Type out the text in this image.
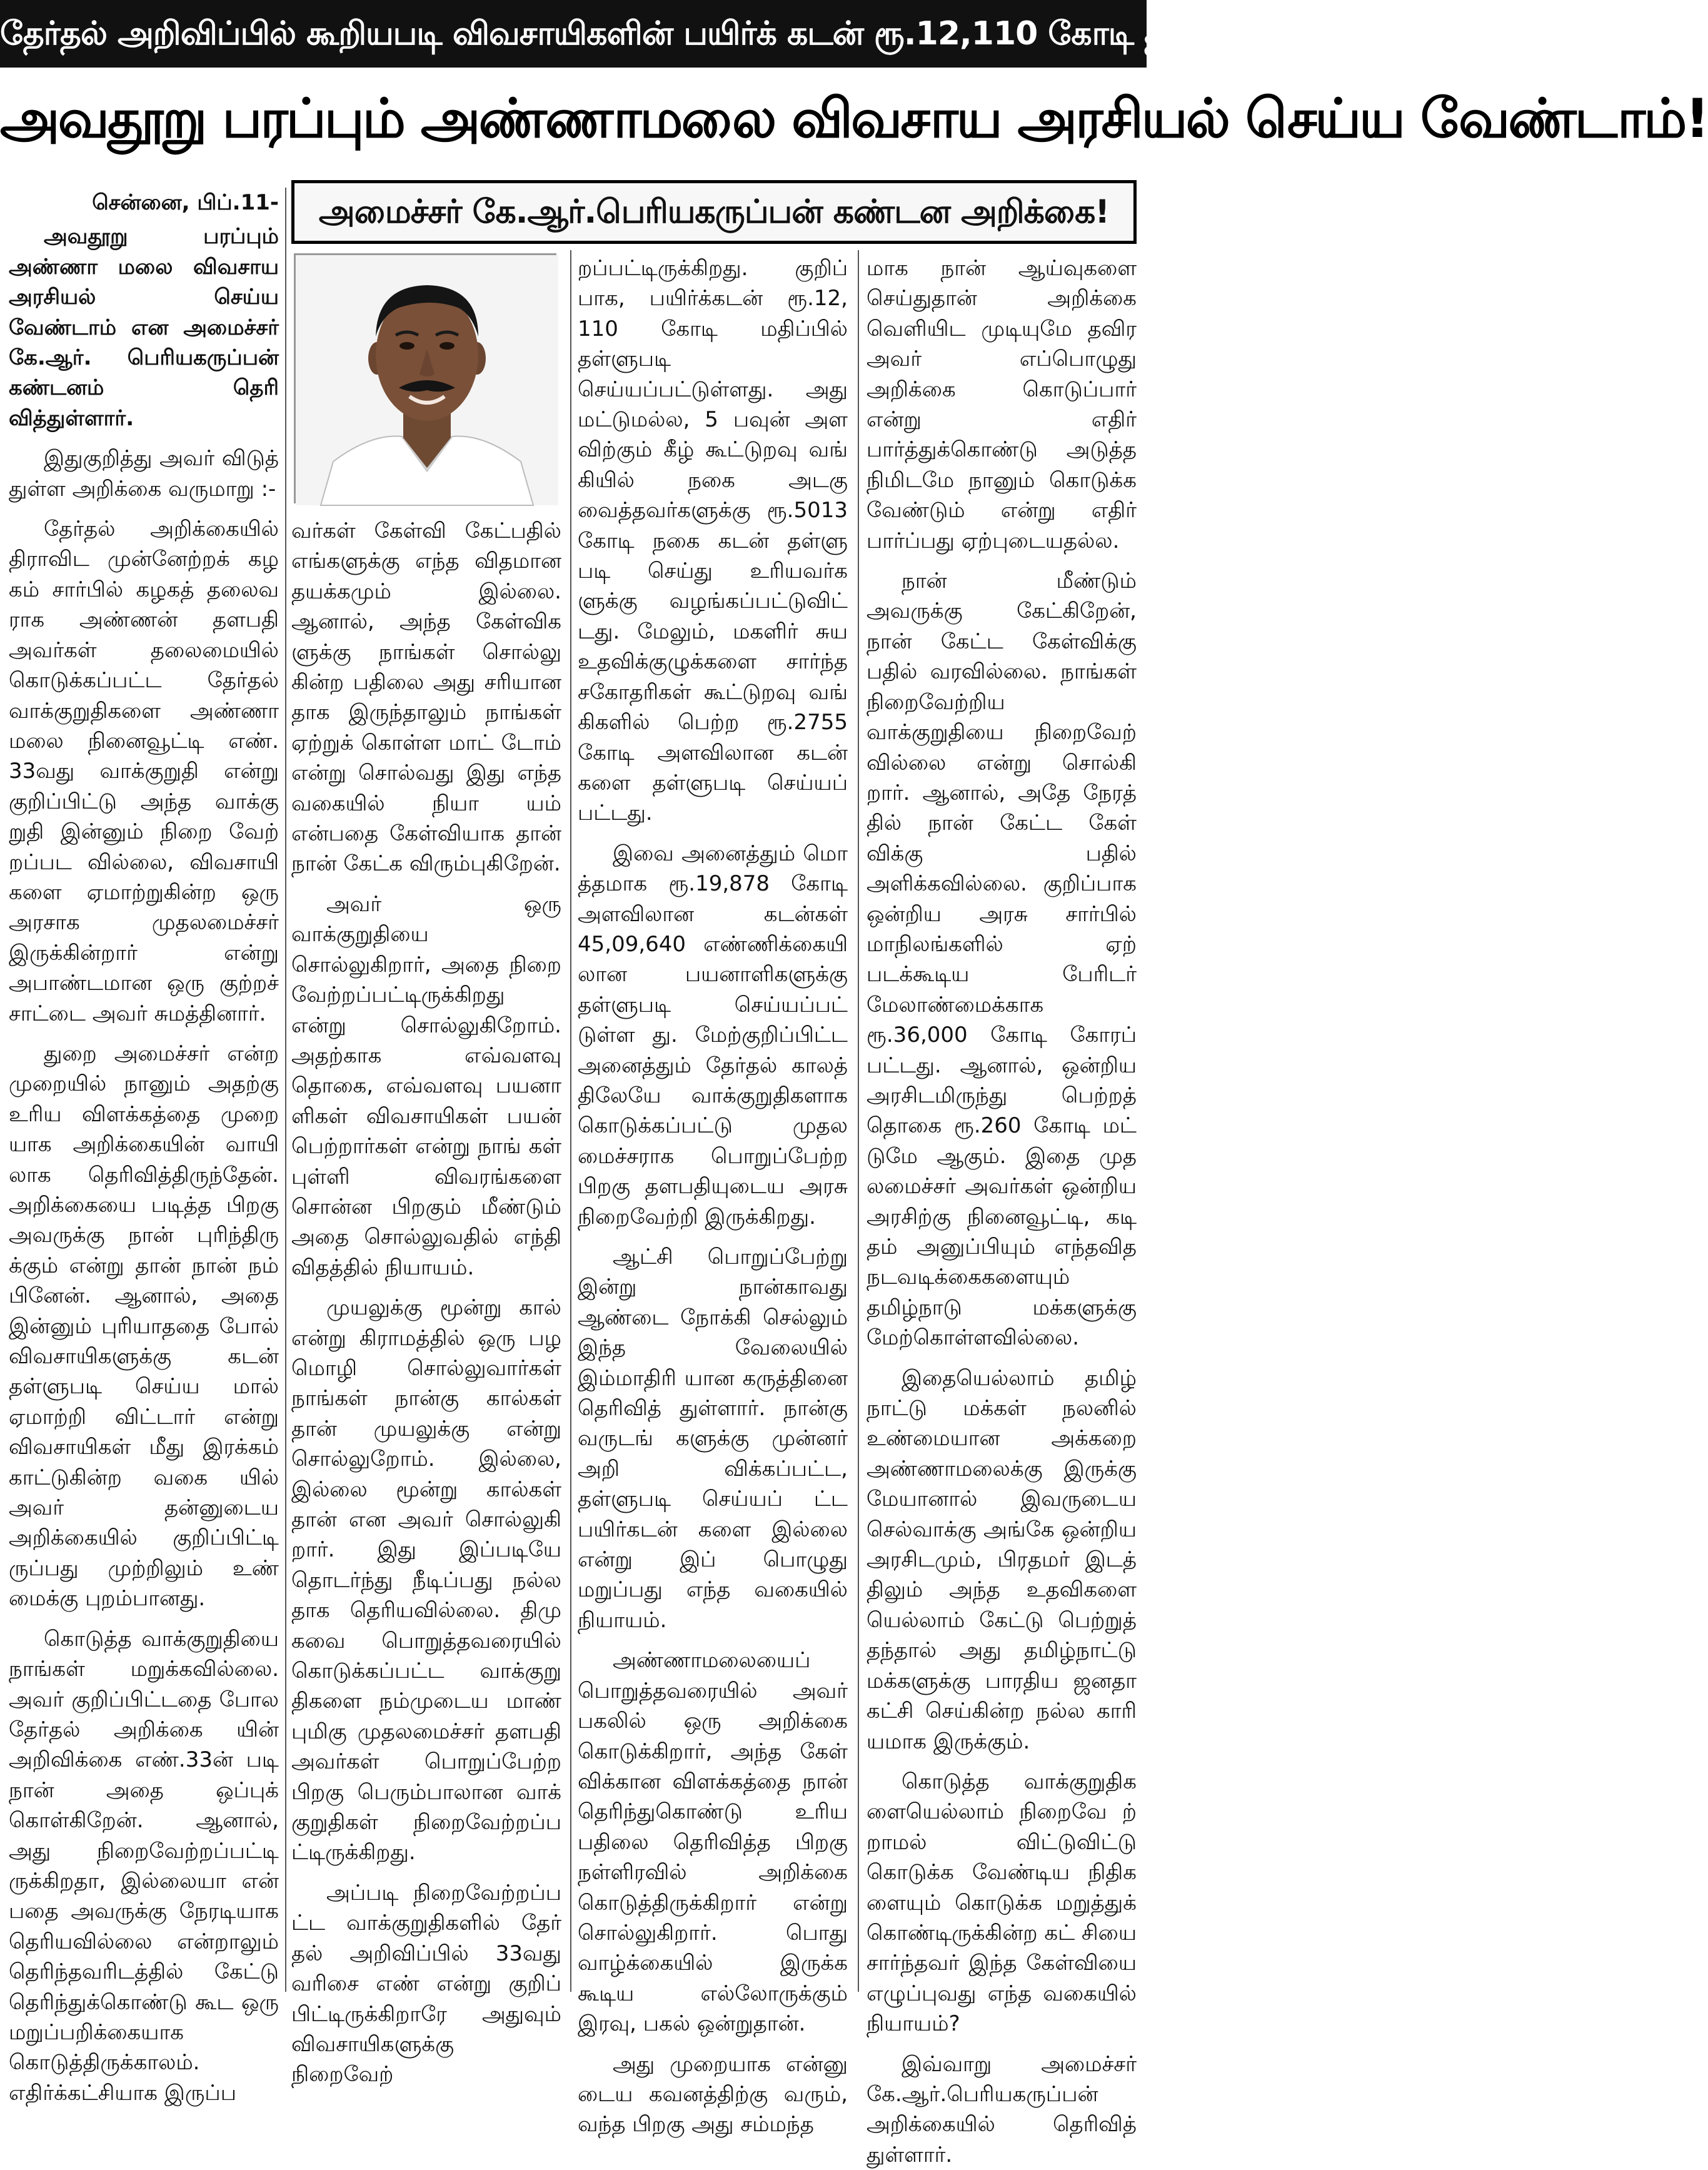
தேர்தல் அறிவிப்பில் கூறியபடி விவசாயிகளின் பயிர்க் கடன் ரூ.12,110 கோடி தள்ளுபடி செய்யப்பட்டுள்ளது!
அவதூறு பரப்பும் அண்ணாமலை விவசாய அரசியல் செய்ய வேண்டாம்!
அமைச்சர் கே.ஆர்.பெரியகருப்பன் கண்டன அறிக்கை!

சென்னை, பிப்.11-

அவதூறு பரப்பும் அண்ணா மலை விவசாய அரசியல் செய்ய வேண்டாம் என அமைச்சர் கே.ஆர். பெரியகருப்பன் கண்டனம் தெரி வித்துள்ளார்.

இதுகுறித்து அவர் விடுத் துள்ள அறிக்கை வருமாறு :-

தேர்தல் அறிக்கையில் திராவிட முன்னேற்றக் கழ கம் சார்பில் கழகத் தலைவ ராக அண்ணன் தளபதி அவர்கள் தலைமையில் கொடுக்கப்பட்ட தேர்தல் வாக்குறுதிகளை அண்ணா மலை நினைவூட்டி எண். 33வது வாக்குறுதி என்று குறிப்பிட்டு அந்த வாக்கு றுதி இன்னும் நிறை வேற் றப்பட வில்லை, விவசாயி களை ஏமாற்றுகின்ற ஒரு அரசாக முதலமைச்சர் இருக்கின்றார் என்று அபாண்டமான ஒரு குற்றச் சாட்டை அவர் சுமத்தினார்.

துறை அமைச்சர் என்ற முறையில் நானும் அதற்கு உரிய விளக்கத்தை முறை யாக அறிக்கையின் வாயி லாக தெரிவித்திருந்தேன். அறிக்கையை படித்த பிறகு அவருக்கு நான் புரிந்திரு க்கும் என்று தான் நான் நம் பினேன். ஆனால், அதை இன்னும் புரியாததை போல் விவசாயிகளுக்கு கடன் தள்ளுபடி செய்ய மால் ஏமாற்றி விட்டார் என்று விவசாயிகள் மீது இரக்கம் காட்டுகின்ற வகை யில் அவர் தன்னுடைய அறிக்கையில் குறிப்பிட்டி ருப்பது முற்றிலும் உண் மைக்கு புறம்பானது.

கொடுத்த வாக்குறுதியை நாங்கள் மறுக்கவில்லை. அவர் குறிப்பிட்டதை போல தேர்தல் அறிக்கை யின் அறிவிக்கை எண்.33ன் படி நான் அதை ஒப்புக் கொள்கிறேன். ஆனால், அது நிறைவேற்றப்பட்டி ருக்கிறதா, இல்லையா என் பதை அவருக்கு நேரடியாக தெரியவில்லை என்றாலும் தெரிந்தவரிடத்தில் கேட்டு தெரிந்துக்கொண்டு கூட ஒரு மறுப்பறிக்கையாக கொடுத்திருக்காலம். எதிர்க்கட்சியாக இருப்ப

வர்கள் கேள்வி கேட்பதில் எங்களுக்கு எந்த விதமான தயக்கமும் இல்லை. ஆனால், அந்த கேள்விக ளுக்கு நாங்கள் சொல்லு கின்ற பதிலை அது சரியான தாக இருந்தாலும் நாங்கள் ஏற்றுக் கொள்ள மாட் டோம் என்று சொல்வது இது எந்த வகையில் நியா யம் என்பதை கேள்வியாக தான் நான் கேட்க விரும்புகிறேன்.

அவர் ஒரு வாக்குறுதியை சொல்லுகிறார், அதை நிறை வேற்றப்பட்டிருக்கிறது என்று சொல்லுகிறோம். அதற்காக எவ்வளவு தொகை, எவ்வளவு பயனா ளிகள் விவசாயிகள் பயன் பெற்றார்கள் என்று நாங் கள் புள்ளி விவரங்களை சொன்ன பிறகும் மீண்டும் அதை சொல்லுவதில் எந்தி விதத்தில் நியாயம்.

முயலுக்கு மூன்று கால் என்று கிராமத்தில் ஒரு பழ மொழி சொல்லுவார்கள் நாங்கள் நான்கு கால்கள் தான் முயலுக்கு என்று சொல்லுறோம். இல்லை, இல்லை மூன்று கால்கள் தான் என அவர் சொல்லுகி றார். இது இப்படியே தொடர்ந்து நீடிப்பது நல்ல தாக தெரியவில்லை. திமு கவை பொறுத்தவரையில் கொடுக்கப்பட்ட வாக்குறு திகளை நம்முடைய மாண் புமிகு முதலமைச்சர் தளபதி அவர்கள் பொறுப்பேற்ற பிறகு பெரும்பாலான வாக் குறுதிகள் நிறைவேற்றப்ப ட்டிருக்கிறது.

அப்படி நிறைவேற்றப்ப ட்ட வாக்குறுதிகளில் தேர் தல் அறிவிப்பில் 33வது வரிசை எண் என்று குறிப் பிட்டிருக்கிறாரே அதுவும் விவசாயிகளுக்கு நிறைவேற்

றப்பட்டிருக்கிறது. குறிப் பாக, பயிர்க்கடன் ரூ.12, 110 கோடி மதிப்பில் தள்ளுபடி செய்யப்பட்டுள்ளது. அது மட்டுமல்ல, 5 பவுன் அள விற்கும் கீழ் கூட்டுறவு வங் கியில் நகை அடகு வைத்தவர்களுக்கு ரூ.5013 கோடி நகை கடன் தள்ளு படி செய்து உரியவர்க ளுக்கு வழங்கப்பட்டுவிட் டது. மேலும், மகளிர் சுய உதவிக்குழுக்களை சார்ந்த சகோதரிகள் கூட்டுறவு வங் கிகளில் பெற்ற ரூ.2755 கோடி அளவிலான கடன் களை தள்ளுபடி செய்யப் பட்டது.

இவை அனைத்தும் மொ த்தமாக ரூ.19,878 கோடி அளவிலான கடன்கள் 45,09,640 எண்ணிக்கையி லான பயனாளிகளுக்கு தள்ளுபடி செய்யப்பட் டுள்ள து. மேற்குறிப்பிட்ட அனைத்தும் தேர்தல் காலத் திலேயே வாக்குறுதிகளாக கொடுக்கப்பட்டு முதல மைச்சராக பொறுப்பேற்ற பிறகு தளபதியுடைய அரசு நிறைவேற்றி இருக்கிறது.

ஆட்சி பொறுப்பேற்று இன்று நான்காவது ஆண்டை நோக்கி செல்லும் இந்த வேலையில் இம்மாதிரி யான கருத்தினை தெரிவித் துள்ளார். நான்கு வருடங் களுக்கு முன்னர் அறி விக்கப்பட்ட, தள்ளுபடி செய்யப் ட்ட பயிர்கடன் களை இல்லை என்று இப் பொழுது மறுப்பது எந்த வகையில் நியாயம்.

அண்ணாமலையைப் பொறுத்தவரையில் அவர் பகலில் ஒரு அறிக்கை கொடுக்கிறார், அந்த கேள் விக்கான விளக்கத்தை நான் தெரிந்துகொண்டு உரிய பதிலை தெரிவித்த பிறகு நள்ளிரவில் அறிக்கை கொடுத்திருக்கிறார் என்று சொல்லுகிறார். பொது வாழ்க்கையில் இருக்க கூடிய எல்லோருக்கும் இரவு, பகல் ஒன்றுதான்.

அது முறையாக என்னு டைய கவனத்திற்கு வரும், வந்த பிறகு அது சம்மந்த

மாக நான் ஆய்வுகளை செய்துதான் அறிக்கை வெளியிட முடியுமே தவிர அவர் எப்பொழுது அறிக்கை கொடுப்பார் என்று எதிர் பார்த்துக்கொண்டு அடுத்த நிமிடமே நானும் கொடுக்க வேண்டும் என்று எதிர் பார்ப்பது ஏற்புடையதல்ல.

நான் மீண்டும் அவருக்கு கேட்கிறேன், நான் கேட்ட கேள்விக்கு பதில் வரவில்லை. நாங்கள் நிறைவேற்றிய வாக்குறுதியை நிறைவேற் வில்லை என்று சொல்கி றார். ஆனால், அதே நேரத் தில் நான் கேட்ட கேள் விக்கு பதில் அளிக்கவில்லை. குறிப்பாக ஒன்றிய அரசு சார்பில் மாநிலங்களில் ஏற் படக்கூடிய பேரிடர் மேலாண்மைக்காக ரூ.36,000 கோடி கோரப் பட்டது. ஆனால், ஒன்றிய அரசிடமிருந்து பெற்றத் தொகை ரூ.260 கோடி மட் டுமே ஆகும். இதை முத லமைச்சர் அவர்கள் ஒன்றிய அரசிற்கு நினைவூட்டி, கடி தம் அனுப்பியும் எந்தவித நடவடிக்கைகளையும் தமிழ்நாடு மக்களுக்கு மேற்கொள்ளவில்லை.

இதையெல்லாம் தமிழ் நாட்டு மக்கள் நலனில் உண்மையான அக்கறை அண்ணாமலைக்கு இருக்கு மேயானால் இவருடைய செல்வாக்கு அங்கே ஒன்றிய அரசிடமும், பிரதமர் இடத் திலும் அந்த உதவிகளை யெல்லாம் கேட்டு பெற்றுத் தந்தால் அது தமிழ்நாட்டு மக்களுக்கு பாரதிய ஜனதா கட்சி செய்கின்ற நல்ல காரி யமாக இருக்கும்.

கொடுத்த வாக்குறுதிக ளையெல்லாம் நிறைவே ற் றாமல் விட்டுவிட்டு கொடுக்க வேண்டிய நிதிக ளையும் கொடுக்க மறுத்துக் கொண்டிருக்கின்ற கட் சியை சார்ந்தவர் இந்த கேள்வியை எழுப்புவது எந்த வகையில் நியாயம்?

இவ்வாறு அமைச்சர் கே.ஆர்.பெரியகருப்பன் அறிக்கையில் தெரிவித் துள்ளார்.
